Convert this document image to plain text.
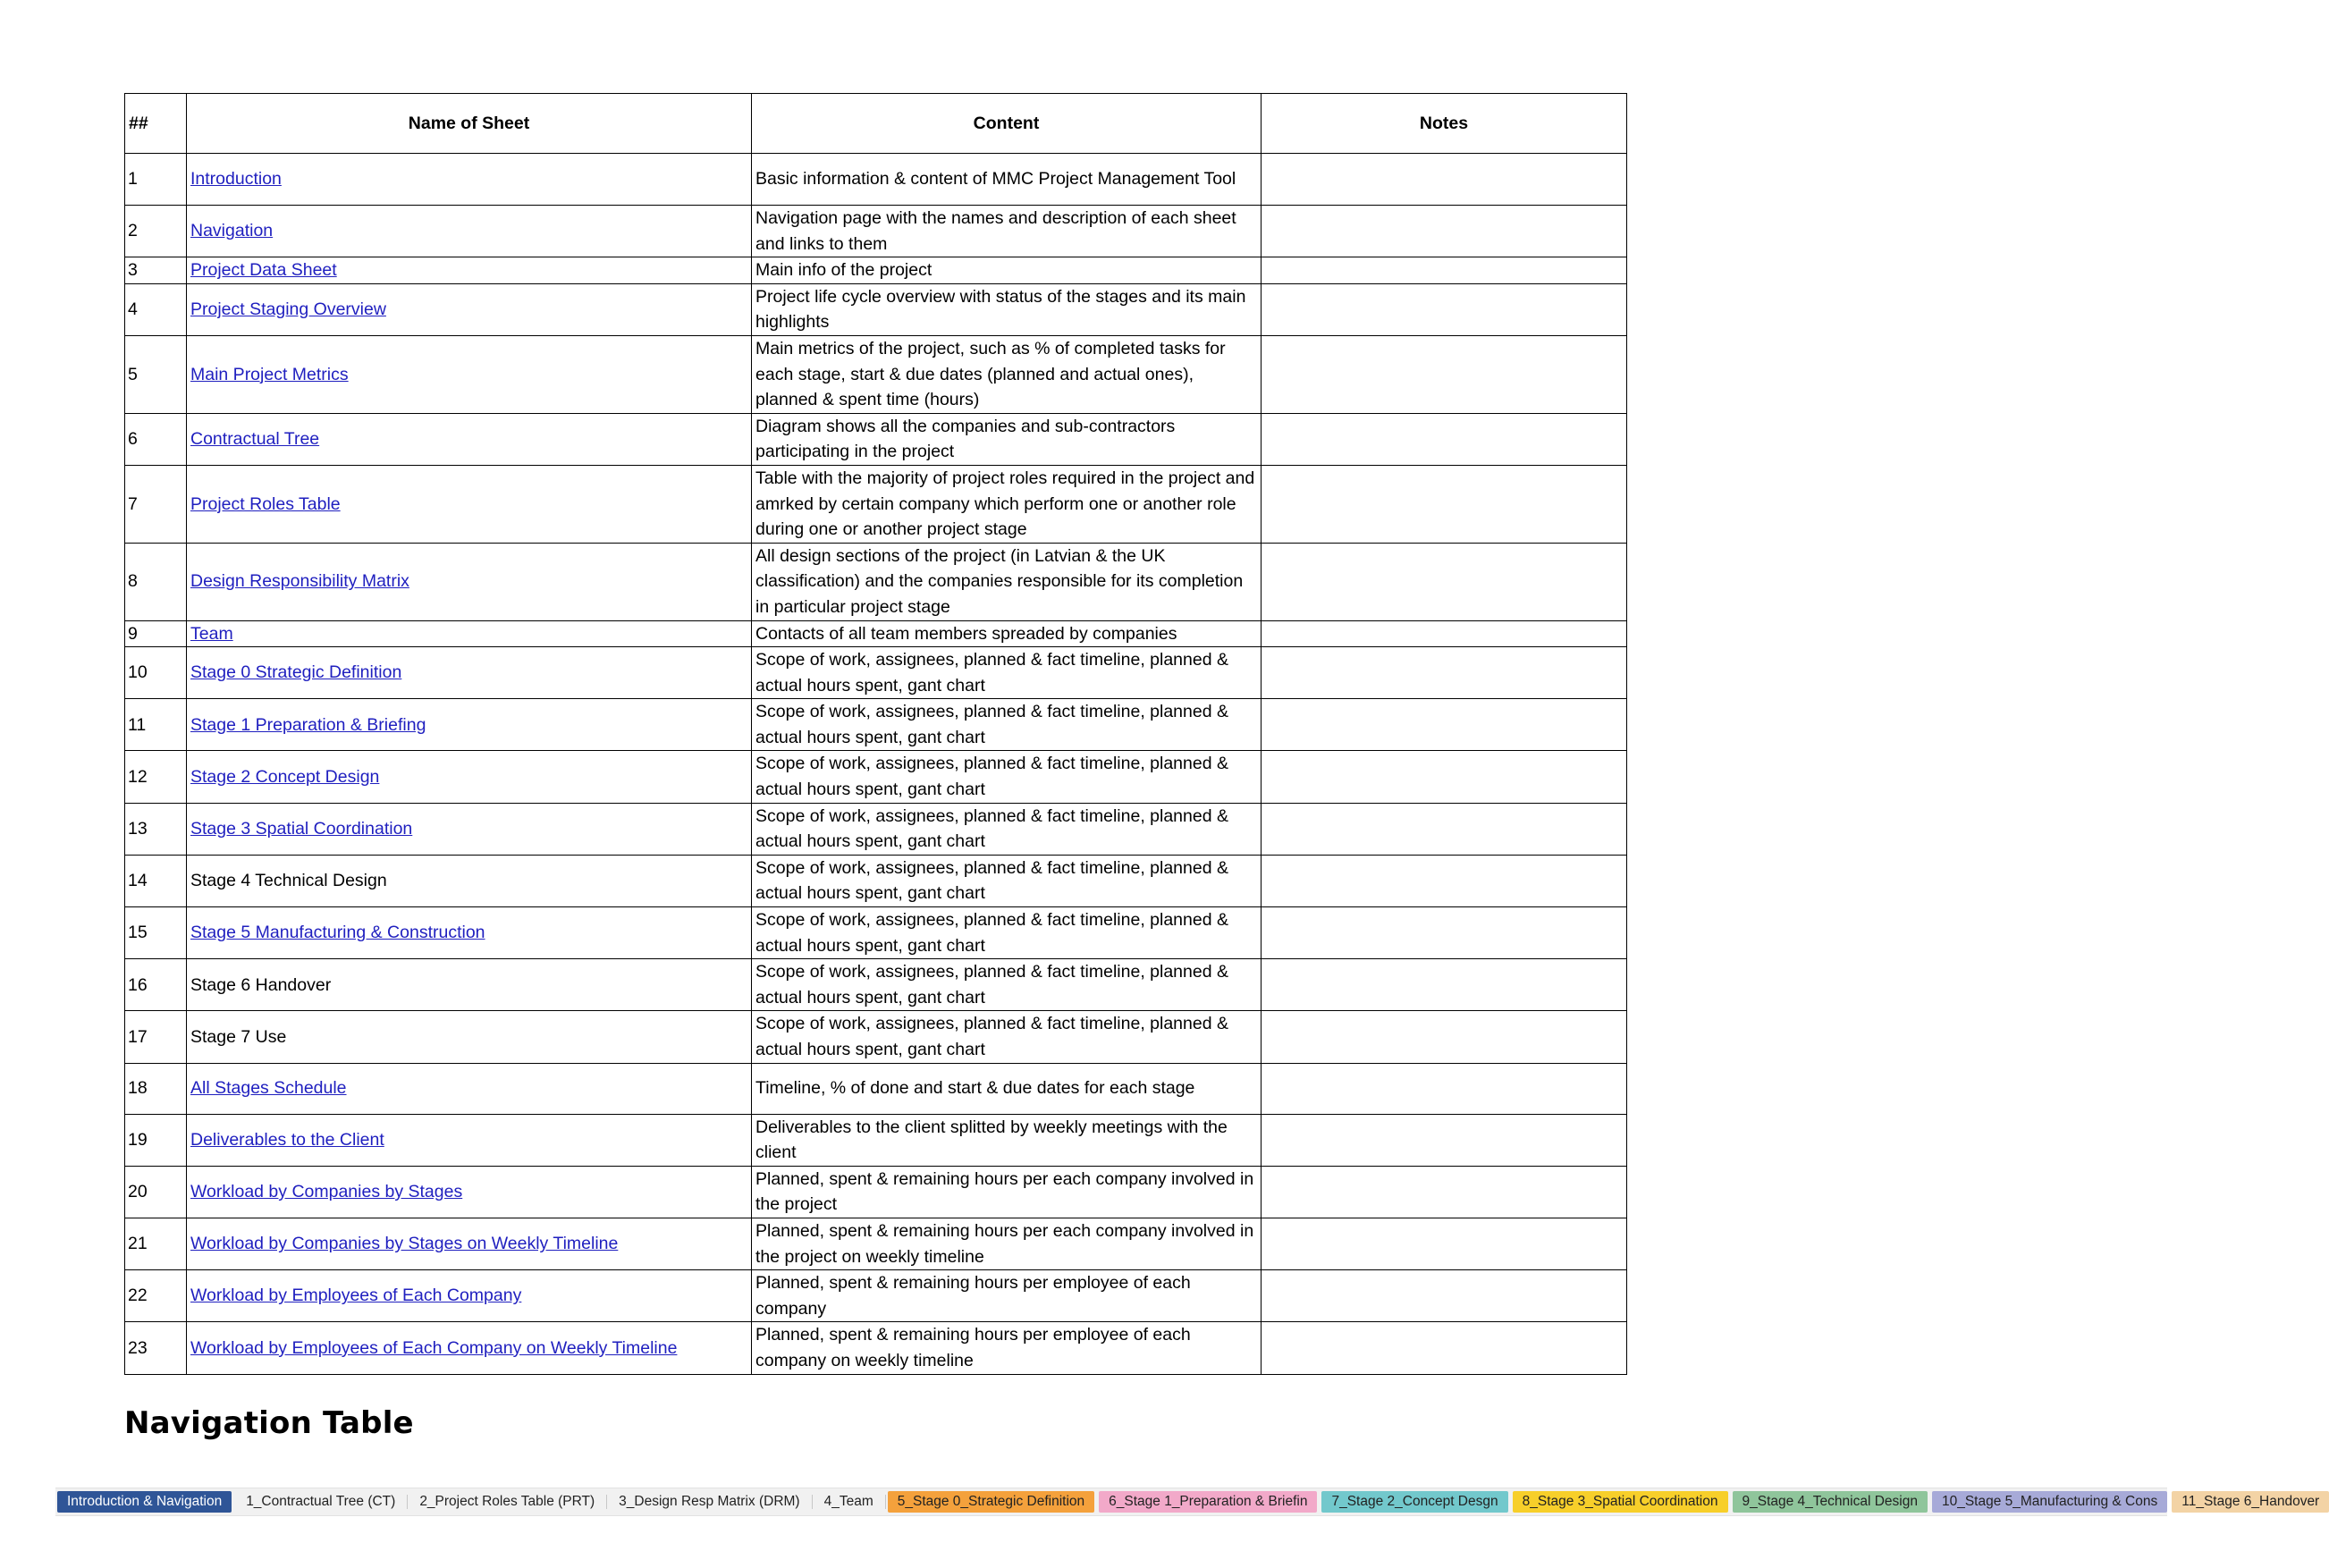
##	Name of Sheet	Content	Notes
1	Introduction	Basic information & content of MMC Project Management Tool	
2	Navigation	Navigation page with the names and description of each sheet and links to them	
3	Project Data Sheet	Main info of the project	
4	Project Staging Overview	Project life cycle overview with status of the stages and its main highlights	
5	Main Project Metrics	Main metrics of the project, such as % of completed tasks for each stage, start & due dates (planned and actual ones), planned & spent time (hours)	
6	Contractual Tree	Diagram shows all the companies and sub-contractors participating in the project	
7	Project Roles Table	Table with the majority of project roles required in the project and amrked by certain company which perform one or another role during one or another project stage	
8	Design Responsibility Matrix	All design sections of the project (in Latvian & the UK classification) and the companies responsible for its completion in particular project stage	
9	Team	Contacts of all team members spreaded by companies	
10	Stage 0 Strategic Definition	Scope of work, assignees, planned & fact timeline, planned & actual hours spent, gant chart	
11	Stage 1 Preparation & Briefing	Scope of work, assignees, planned & fact timeline, planned & actual hours spent, gant chart	
12	Stage 2 Concept Design	Scope of work, assignees, planned & fact timeline, planned & actual hours spent, gant chart	
13	Stage 3 Spatial Coordination	Scope of work, assignees, planned & fact timeline, planned & actual hours spent, gant chart	
14	Stage 4 Technical Design	Scope of work, assignees, planned & fact timeline, planned & actual hours spent, gant chart	
15	Stage 5 Manufacturing & Construction	Scope of work, assignees, planned & fact timeline, planned & actual hours spent, gant chart	
16	Stage 6 Handover	Scope of work, assignees, planned & fact timeline, planned & actual hours spent, gant chart	
17	Stage 7 Use	Scope of work, assignees, planned & fact timeline, planned & actual hours spent, gant chart	
18	All Stages Schedule	Timeline, % of done and start & due dates for each stage	
19	Deliverables to the Client	Deliverables to the client splitted by weekly meetings with the client	
20	Workload by Companies by Stages	Planned, spent & remaining hours per each company involved in the project	
21	Workload by Companies by Stages on Weekly Timeline	Planned, spent & remaining hours per each company involved in the project on weekly timeline	
22	Workload by Employees of Each Company	Planned, spent & remaining hours per employee of each company	
23	Workload by Employees of Each Company on Weekly Timeline	Planned, spent & remaining hours per employee of each company on weekly timeline	
Navigation Table
Introduction & Navigation	1_Contractual Tree (CT)	2_Project Roles Table (PRT)	3_Design Resp Matrix (DRM)	4_Team	5_Stage 0_Strategic Definition	6_Stage 1_Preparation & Briefin	7_Stage 2_Concept Desgn	8_Stage 3_Spatial Coordination	9_Stage 4_Technical Design	10_Stage 5_Manufacturing & Cons	11_Stage 6_Handover
